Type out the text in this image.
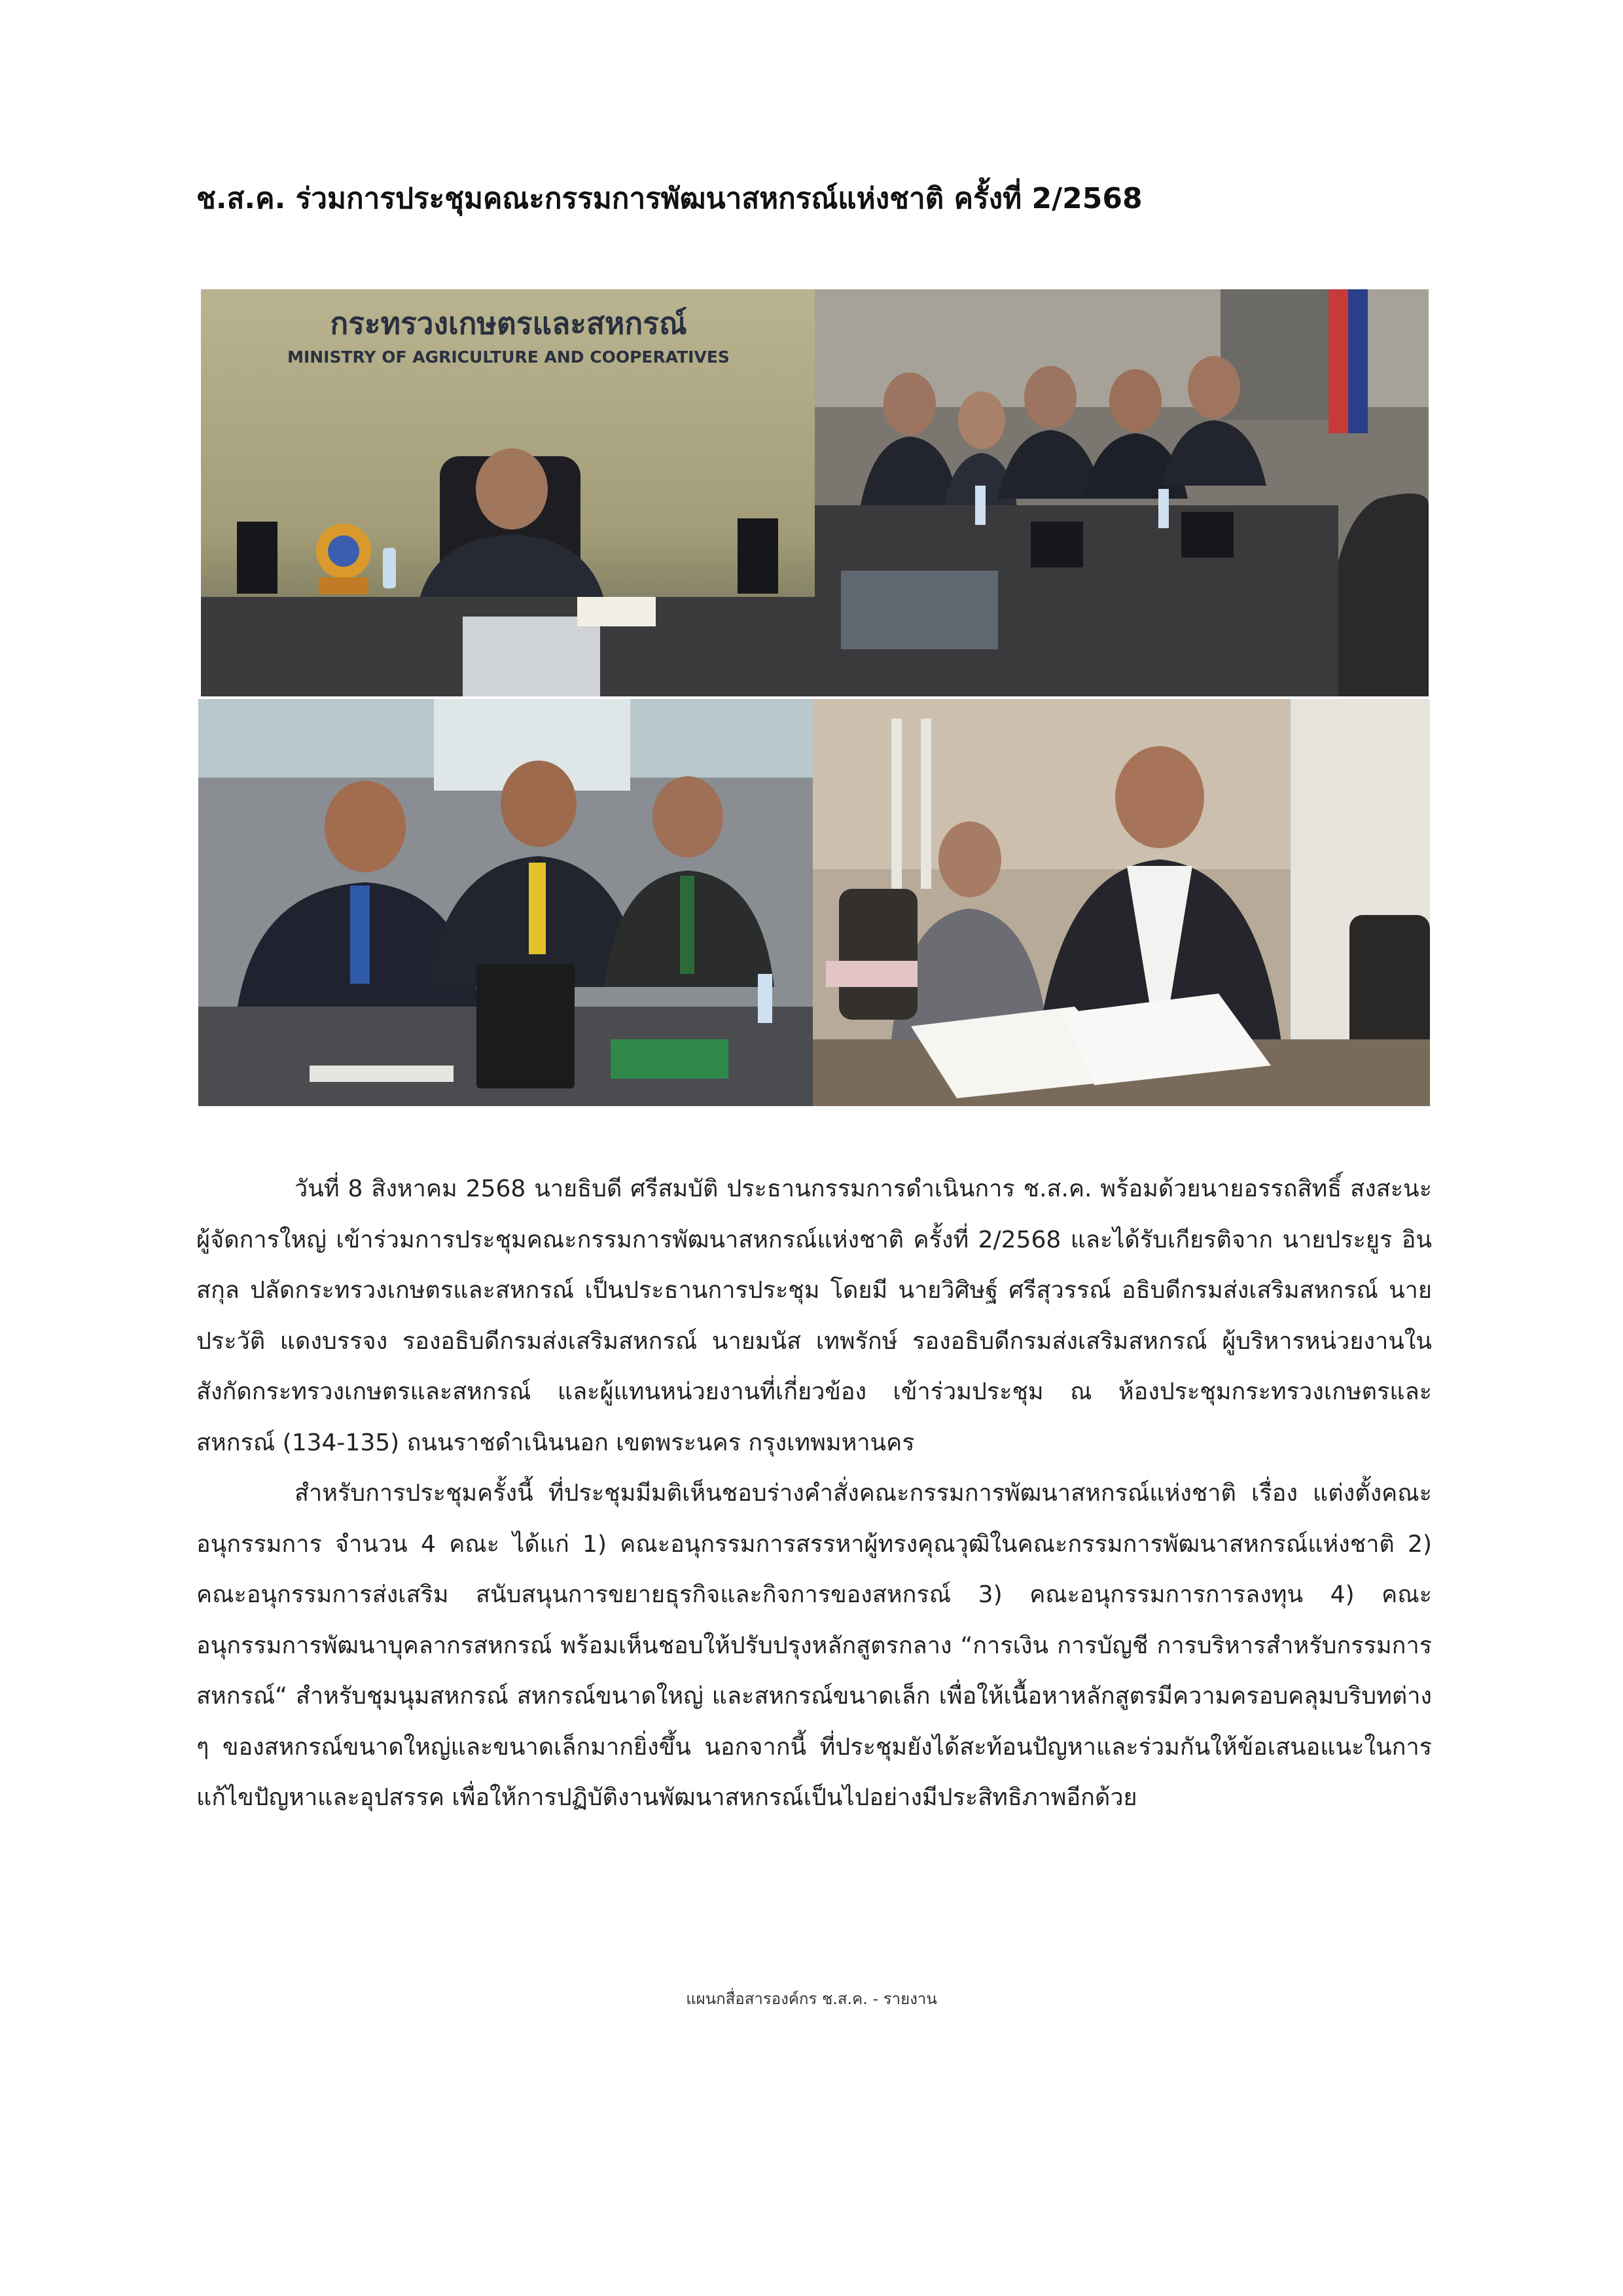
ช.ส.ค. ร่วมการประชุมคณะกรรมการพัฒนาสหกรณ์แห่งชาติ ครั้งที่ 2/2568
กระทรวงเกษตรและสหกรณ์
MINISTRY OF AGRICULTURE AND COOPERATIVES

วันที่ 8 สิงหาคม 2568 นายธิบดี ศรีสมบัติ ประธานกรรมการดำเนินการ ช.ส.ค. พร้อมด้วยนายอรรถสิทธิ์ สงสะนะ ผู้จัดการใหญ่ เข้าร่วมการประชุมคณะกรรมการพัฒนาสหกรณ์แห่งชาติ ครั้งที่ 2/2568 และได้รับเกียรติจาก นายประยูร อินสกุล ปลัดกระทรวงเกษตรและสหกรณ์ เป็นประธานการประชุม โดยมี นายวิศิษฐ์ ศรีสุวรรณ์ อธิบดีกรมส่งเสริมสหกรณ์ นายประวัติ แดงบรรจง รองอธิบดีกรมส่งเสริมสหกรณ์ นายมนัส เทพรักษ์ รองอธิบดีกรมส่งเสริมสหกรณ์ ผู้บริหารหน่วยงานในสังกัดกระทรวงเกษตรและสหกรณ์ และผู้แทนหน่วยงานที่เกี่ยวข้อง เข้าร่วมประชุม ณ ห้องประชุมกระทรวงเกษตรและสหกรณ์ (134-135) ถนนราชดำเนินนอก เขตพระนคร กรุงเทพมหานคร

สำหรับการประชุมครั้งนี้ ที่ประชุมมีมติเห็นชอบร่างคำสั่งคณะกรรมการพัฒนาสหกรณ์แห่งชาติ เรื่อง แต่งตั้งคณะอนุกรรมการ จำนวน 4 คณะ ได้แก่ 1) คณะอนุกรรมการสรรหาผู้ทรงคุณวุฒิในคณะกรรมการพัฒนาสหกรณ์แห่งชาติ 2) คณะอนุกรรมการส่งเสริม สนับสนุนการขยายธุรกิจและกิจการของสหกรณ์ 3) คณะอนุกรรมการการลงทุน 4) คณะอนุกรรมการพัฒนาบุคลากรสหกรณ์ พร้อมเห็นชอบให้ปรับปรุงหลักสูตรกลาง “การเงิน การบัญชี การบริหารสำหรับกรรมการสหกรณ์“ สำหรับชุมนุมสหกรณ์ สหกรณ์ขนาดใหญ่ และสหกรณ์ขนาดเล็ก เพื่อให้เนื้อหาหลักสูตรมีความครอบคลุมบริบทต่าง ๆ ของสหกรณ์ขนาดใหญ่และขนาดเล็กมากยิ่งขึ้น นอกจากนี้ ที่ประชุมยังได้สะท้อนปัญหาและร่วมกันให้ข้อเสนอแนะในการแก้ไขปัญหาและอุปสรรค เพื่อให้การปฏิบัติงานพัฒนาสหกรณ์เป็นไปอย่างมีประสิทธิภาพอีกด้วย

แผนกสื่อสารองค์กร ช.ส.ค. - รายงาน
